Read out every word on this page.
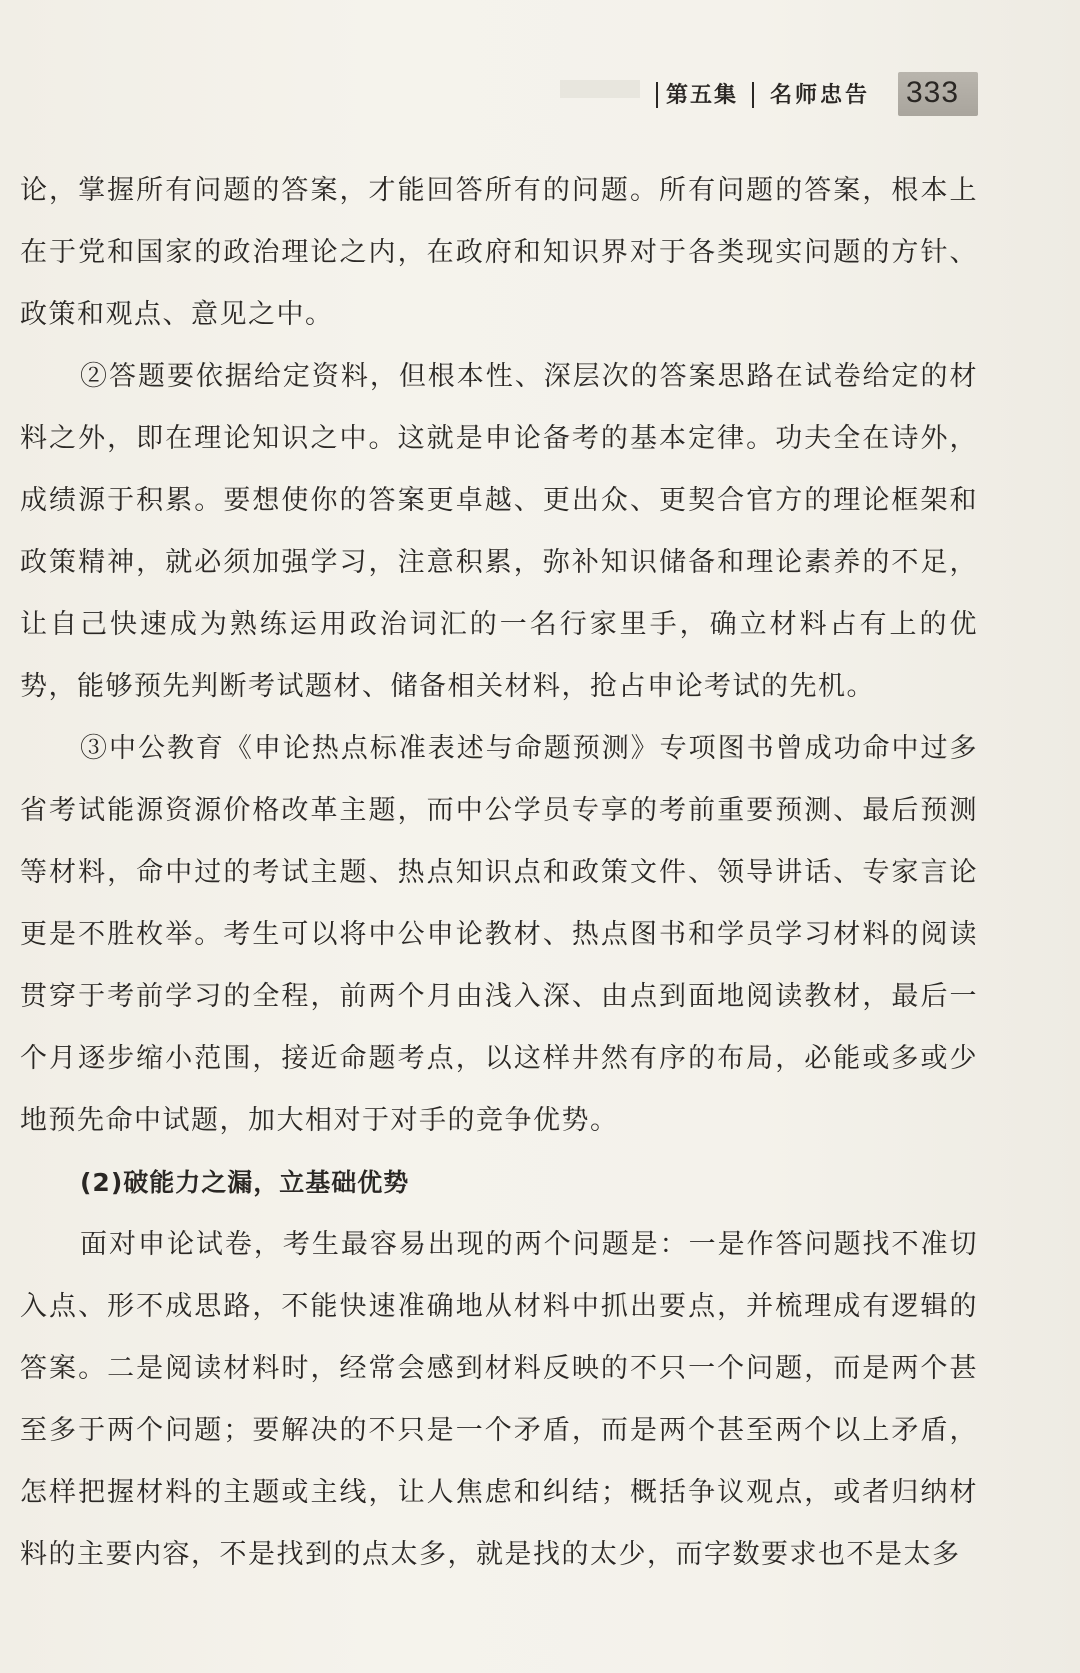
第五集 名师忠告 333

论，掌握所有问题的答案，才能回答所有的问题。所有问题的答案，根本上在于党和国家的政治理论之内，在政府和知识界对于各类现实问题的方针、政策和观点、意见之中。

②答题要依据给定资料，但根本性、深层次的答案思路在试卷给定的材料之外，即在理论知识之中。这就是申论备考的基本定律。功夫全在诗外，成绩源于积累。要想使你的答案更卓越、更出众、更契合官方的理论框架和政策精神，就必须加强学习，注意积累，弥补知识储备和理论素养的不足，让自己快速成为熟练运用政治词汇的一名行家里手，确立材料占有上的优势，能够预先判断考试题材、储备相关材料，抢占申论考试的先机。

③中公教育《申论热点标准表述与命题预测》专项图书曾成功命中过多省考试能源资源价格改革主题，而中公学员专享的考前重要预测、最后预测等材料，命中过的考试主题、热点知识点和政策文件、领导讲话、专家言论更是不胜枚举。考生可以将中公申论教材、热点图书和学员学习材料的阅读贯穿于考前学习的全程，前两个月由浅入深、由点到面地阅读教材，最后一个月逐步缩小范围，接近命题考点，以这样井然有序的布局，必能或多或少地预先命中试题，加大相对于对手的竞争优势。

(2)破能力之漏，立基础优势

面对申论试卷，考生最容易出现的两个问题是：一是作答问题找不准切入点、形不成思路，不能快速准确地从材料中抓出要点，并梳理成有逻辑的答案。二是阅读材料时，经常会感到材料反映的不只一个问题，而是两个甚至多于两个问题；要解决的不只是一个矛盾，而是两个甚至两个以上矛盾，怎样把握材料的主题或主线，让人焦虑和纠结；概括争议观点，或者归纳材料的主要内容，不是找到的点太多，就是找的太少，而字数要求也不是太多
